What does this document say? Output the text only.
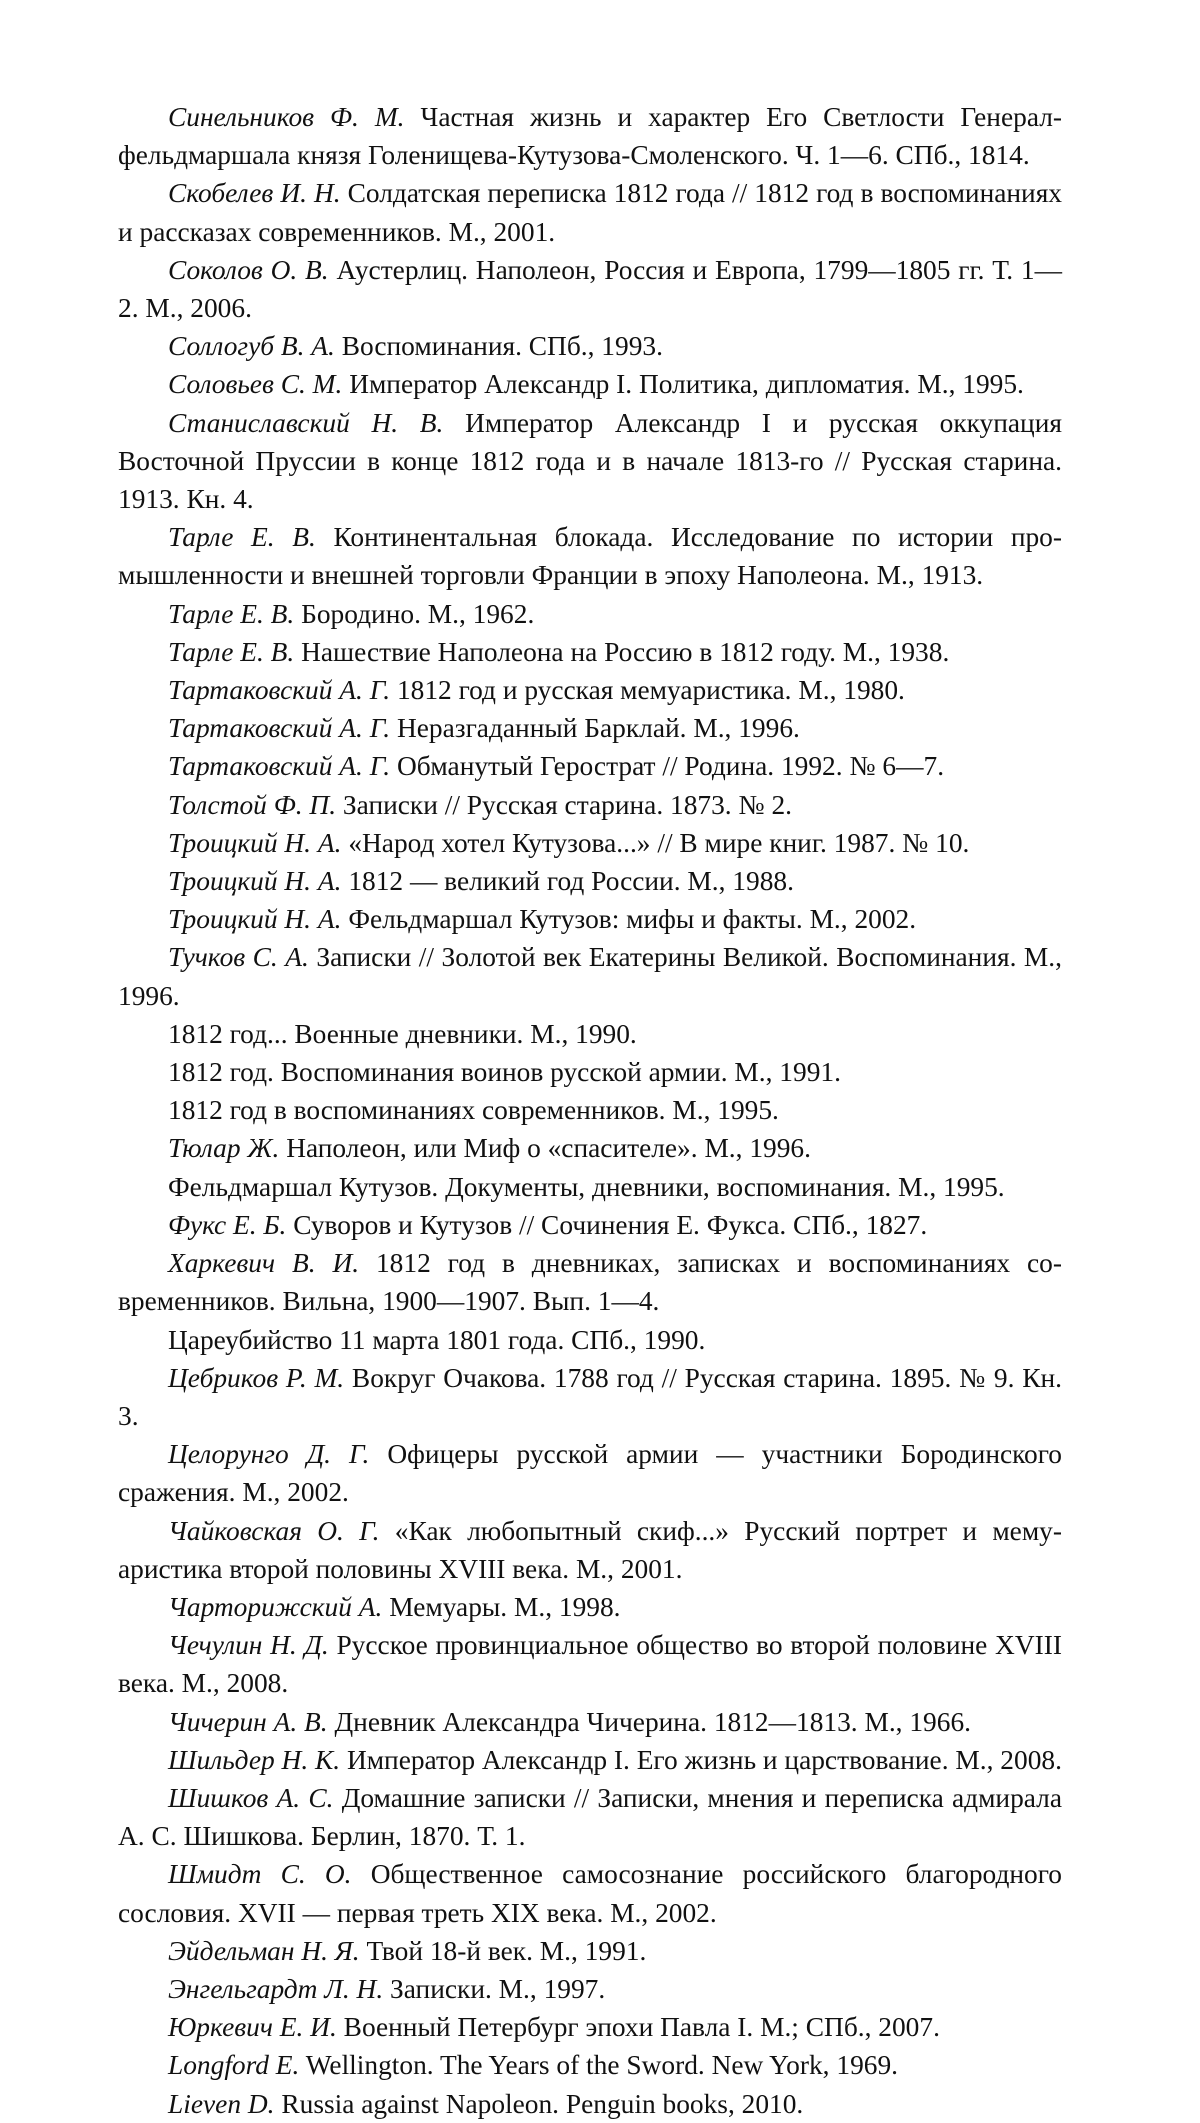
Синельников Ф. М. Частная жизнь и характер Его Светлости Генерал-фельдмаршала князя Голенищева-Кутузова-Смоленского. Ч. 1—6. СПб., 1814.

Скобелев И. Н. Солдатская переписка 1812 года // 1812 год в воспоминаниях и рассказах современников. М., 2001.

Соколов О. В. Аустерлиц. Наполеон, Россия и Европа, 1799—1805 гг. Т. 1—2. М., 2006.

Соллогуб В. А. Воспоминания. СПб., 1993.

Соловьев С. М. Император Александр I. Политика, дипломатия. М., 1995.

Станиславский Н. В. Император Александр I и русская оккупация Восточной Пруссии в конце 1812 года и в начале 1813-го // Русская старина. 1913. Кн. 4.

Тарле Е. В. Континентальная блокада. Исследование по истории промышленности и внешней торговли Франции в эпоху Наполеона. М., 1913.

Тарле Е. В. Бородино. М., 1962.

Тарле Е. В. Нашествие Наполеона на Россию в 1812 году. М., 1938.

Тартаковский А. Г. 1812 год и русская мемуаристика. М., 1980.

Тартаковский А. Г. Неразгаданный Барклай. М., 1996.

Тартаковский А. Г. Обманутый Герострат // Родина. 1992. № 6—7.

Толстой Ф. П. Записки // Русская старина. 1873. № 2.

Троицкий Н. А. «Народ хотел Кутузова...» // В мире книг. 1987. № 10.

Троицкий Н. А. 1812 — великий год России. М., 1988.

Троицкий Н. А. Фельдмаршал Кутузов: мифы и факты. М., 2002.

Тучков С. А. Записки // Золотой век Екатерины Великой. Воспоминания. М., 1996.

1812 год... Военные дневники. М., 1990.

1812 год. Воспоминания воинов русской армии. М., 1991.

1812 год в воспоминаниях современников. М., 1995.

Тюлар Ж. Наполеон, или Миф о «спасителе». М., 1996.

Фельдмаршал Кутузов. Документы, дневники, воспоминания. М., 1995.

Фукс Е. Б. Суворов и Кутузов // Сочинения Е. Фукса. СПб., 1827.

Харкевич В. И. 1812 год в дневниках, записках и воспоминаниях современников. Вильна, 1900—1907. Вып. 1—4.

Цареубийство 11 марта 1801 года. СПб., 1990.

Цебриков Р. М. Вокруг Очакова. 1788 год // Русская старина. 1895. № 9. Кн. 3.

Целорунго Д. Г. Офицеры русской армии — участники Бородинского сражения. М., 2002.

Чайковская О. Г. «Как любопытный скиф...» Русский портрет и мемуаристика второй половины XVIII века. М., 2001.

Чарторижский А. Мемуары. М., 1998.

Чечулин Н. Д. Русское провинциальное общество во второй половине XVIII века. М., 2008.

Чичерин А. В. Дневник Александра Чичерина. 1812—1813. М., 1966.

Шильдер Н. К. Император Александр I. Его жизнь и царствование. М., 2008.

Шишков А. С. Домашние записки // Записки, мнения и переписка адмирала А. С. Шишкова. Берлин, 1870. Т. 1.

Шмидт С. О. Общественное самосознание российского благородного сословия. XVII — первая треть XIX века. М., 2002.

Эйдельман Н. Я. Твой 18-й век. М., 1991.

Энгельгардт Л. Н. Записки. М., 1997.

Юркевич Е. И. Военный Петербург эпохи Павла I. М.; СПб., 2007.

Longford E. Wellington. The Years of the Sword. New York, 1969.

Lieven D. Russia against Napoleon. Penguin books, 2010.
